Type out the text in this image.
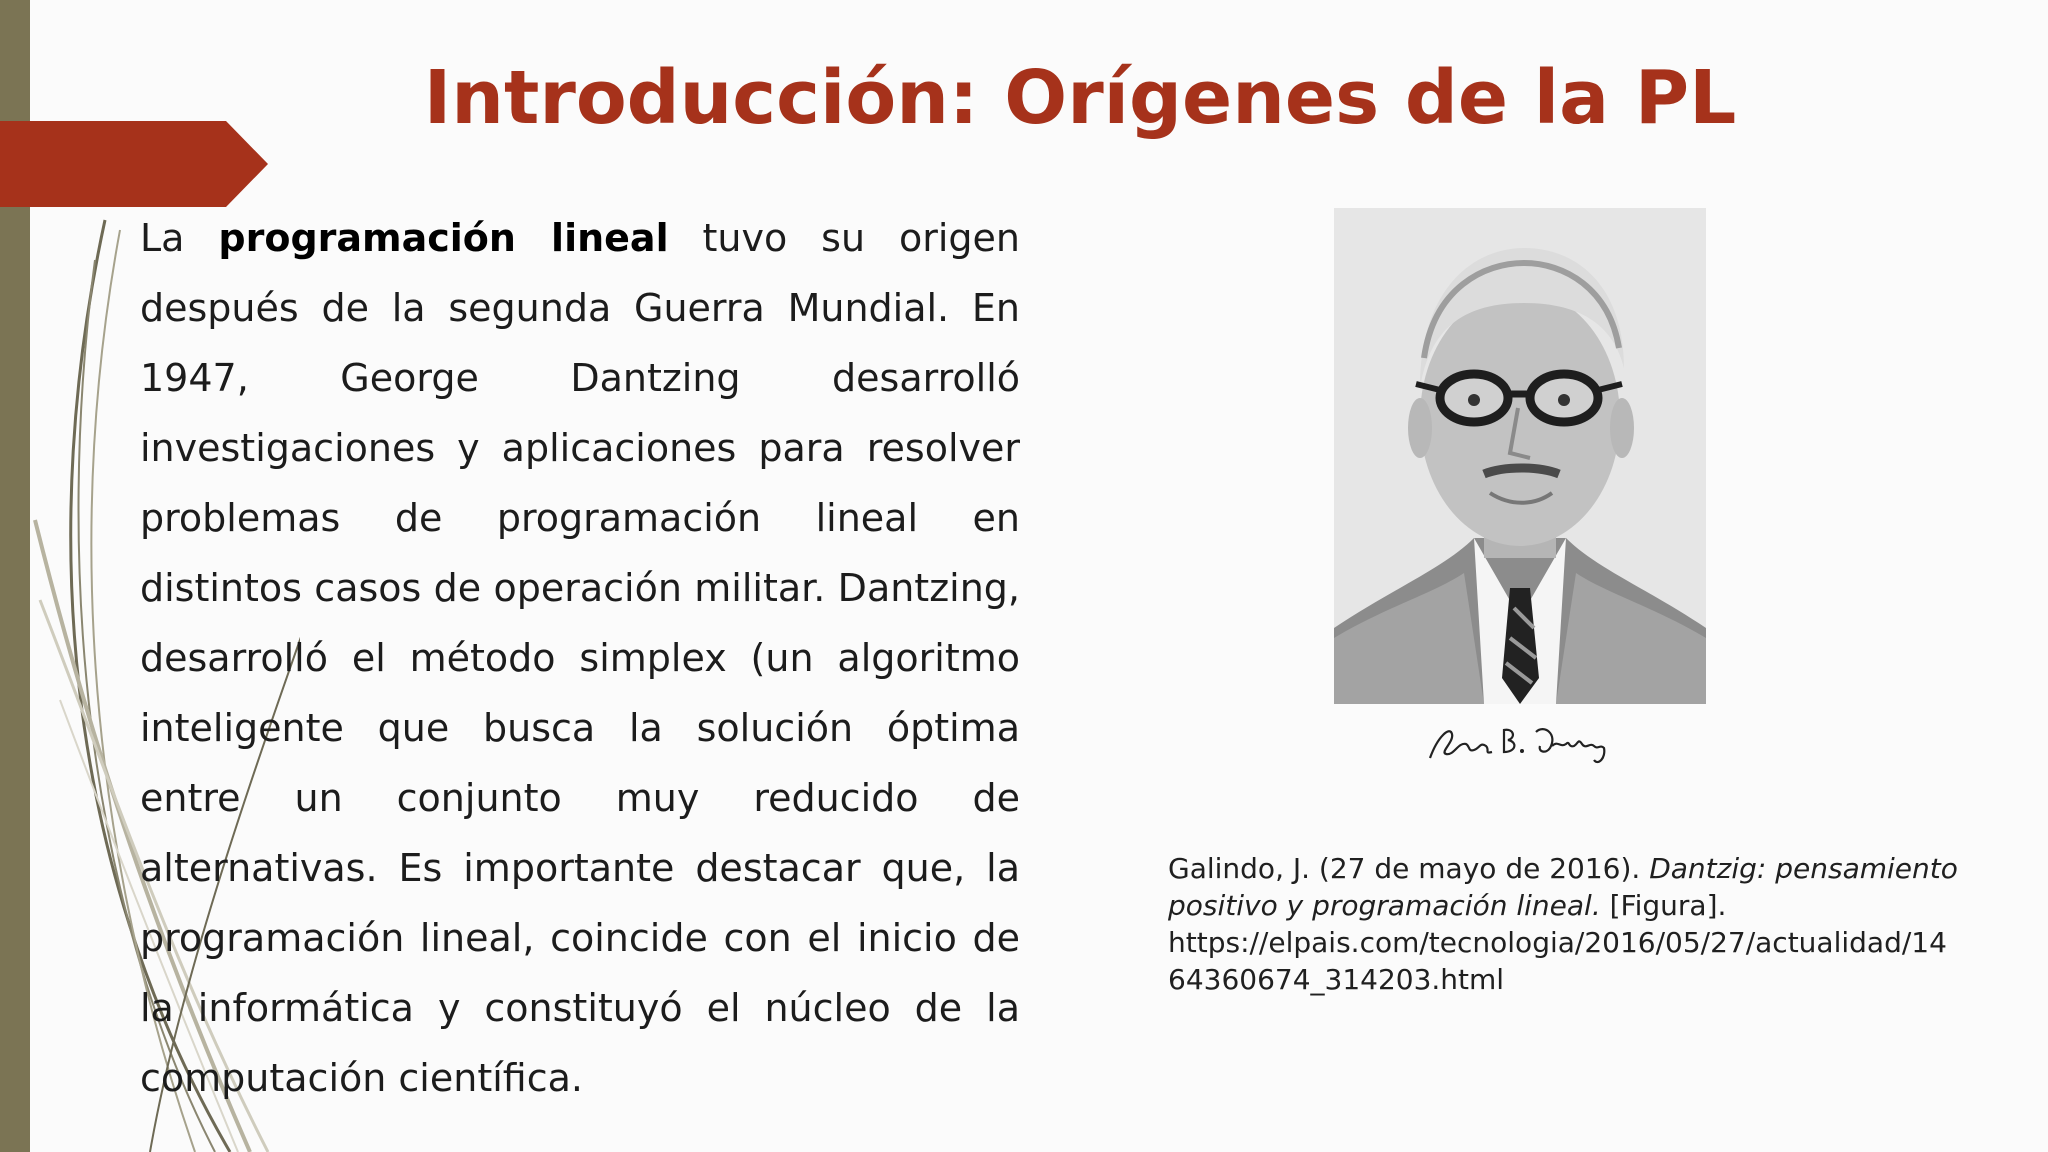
Introducción: Orígenes de la PL

La programación lineal tuvo su origen después de la segunda Guerra Mundial. En 1947, George Dantzing desarrolló investigaciones y aplicaciones para resolver problemas de programación lineal en distintos casos de operación militar. Dantzing, desarrolló el método simplex (un algoritmo inteligente que busca la solución óptima entre un conjunto muy reducido de alternativas. Es importante destacar que, la programación lineal, coincide con el inicio de la informática y constituyó el núcleo de la computación científica.

Galindo, J. (27 de mayo de 2016). Dantzig: pensamiento
positivo y programación lineal. [Figura].
https://elpais.com/tecnologia/2016/05/27/actualidad/14
64360674_314203.html
